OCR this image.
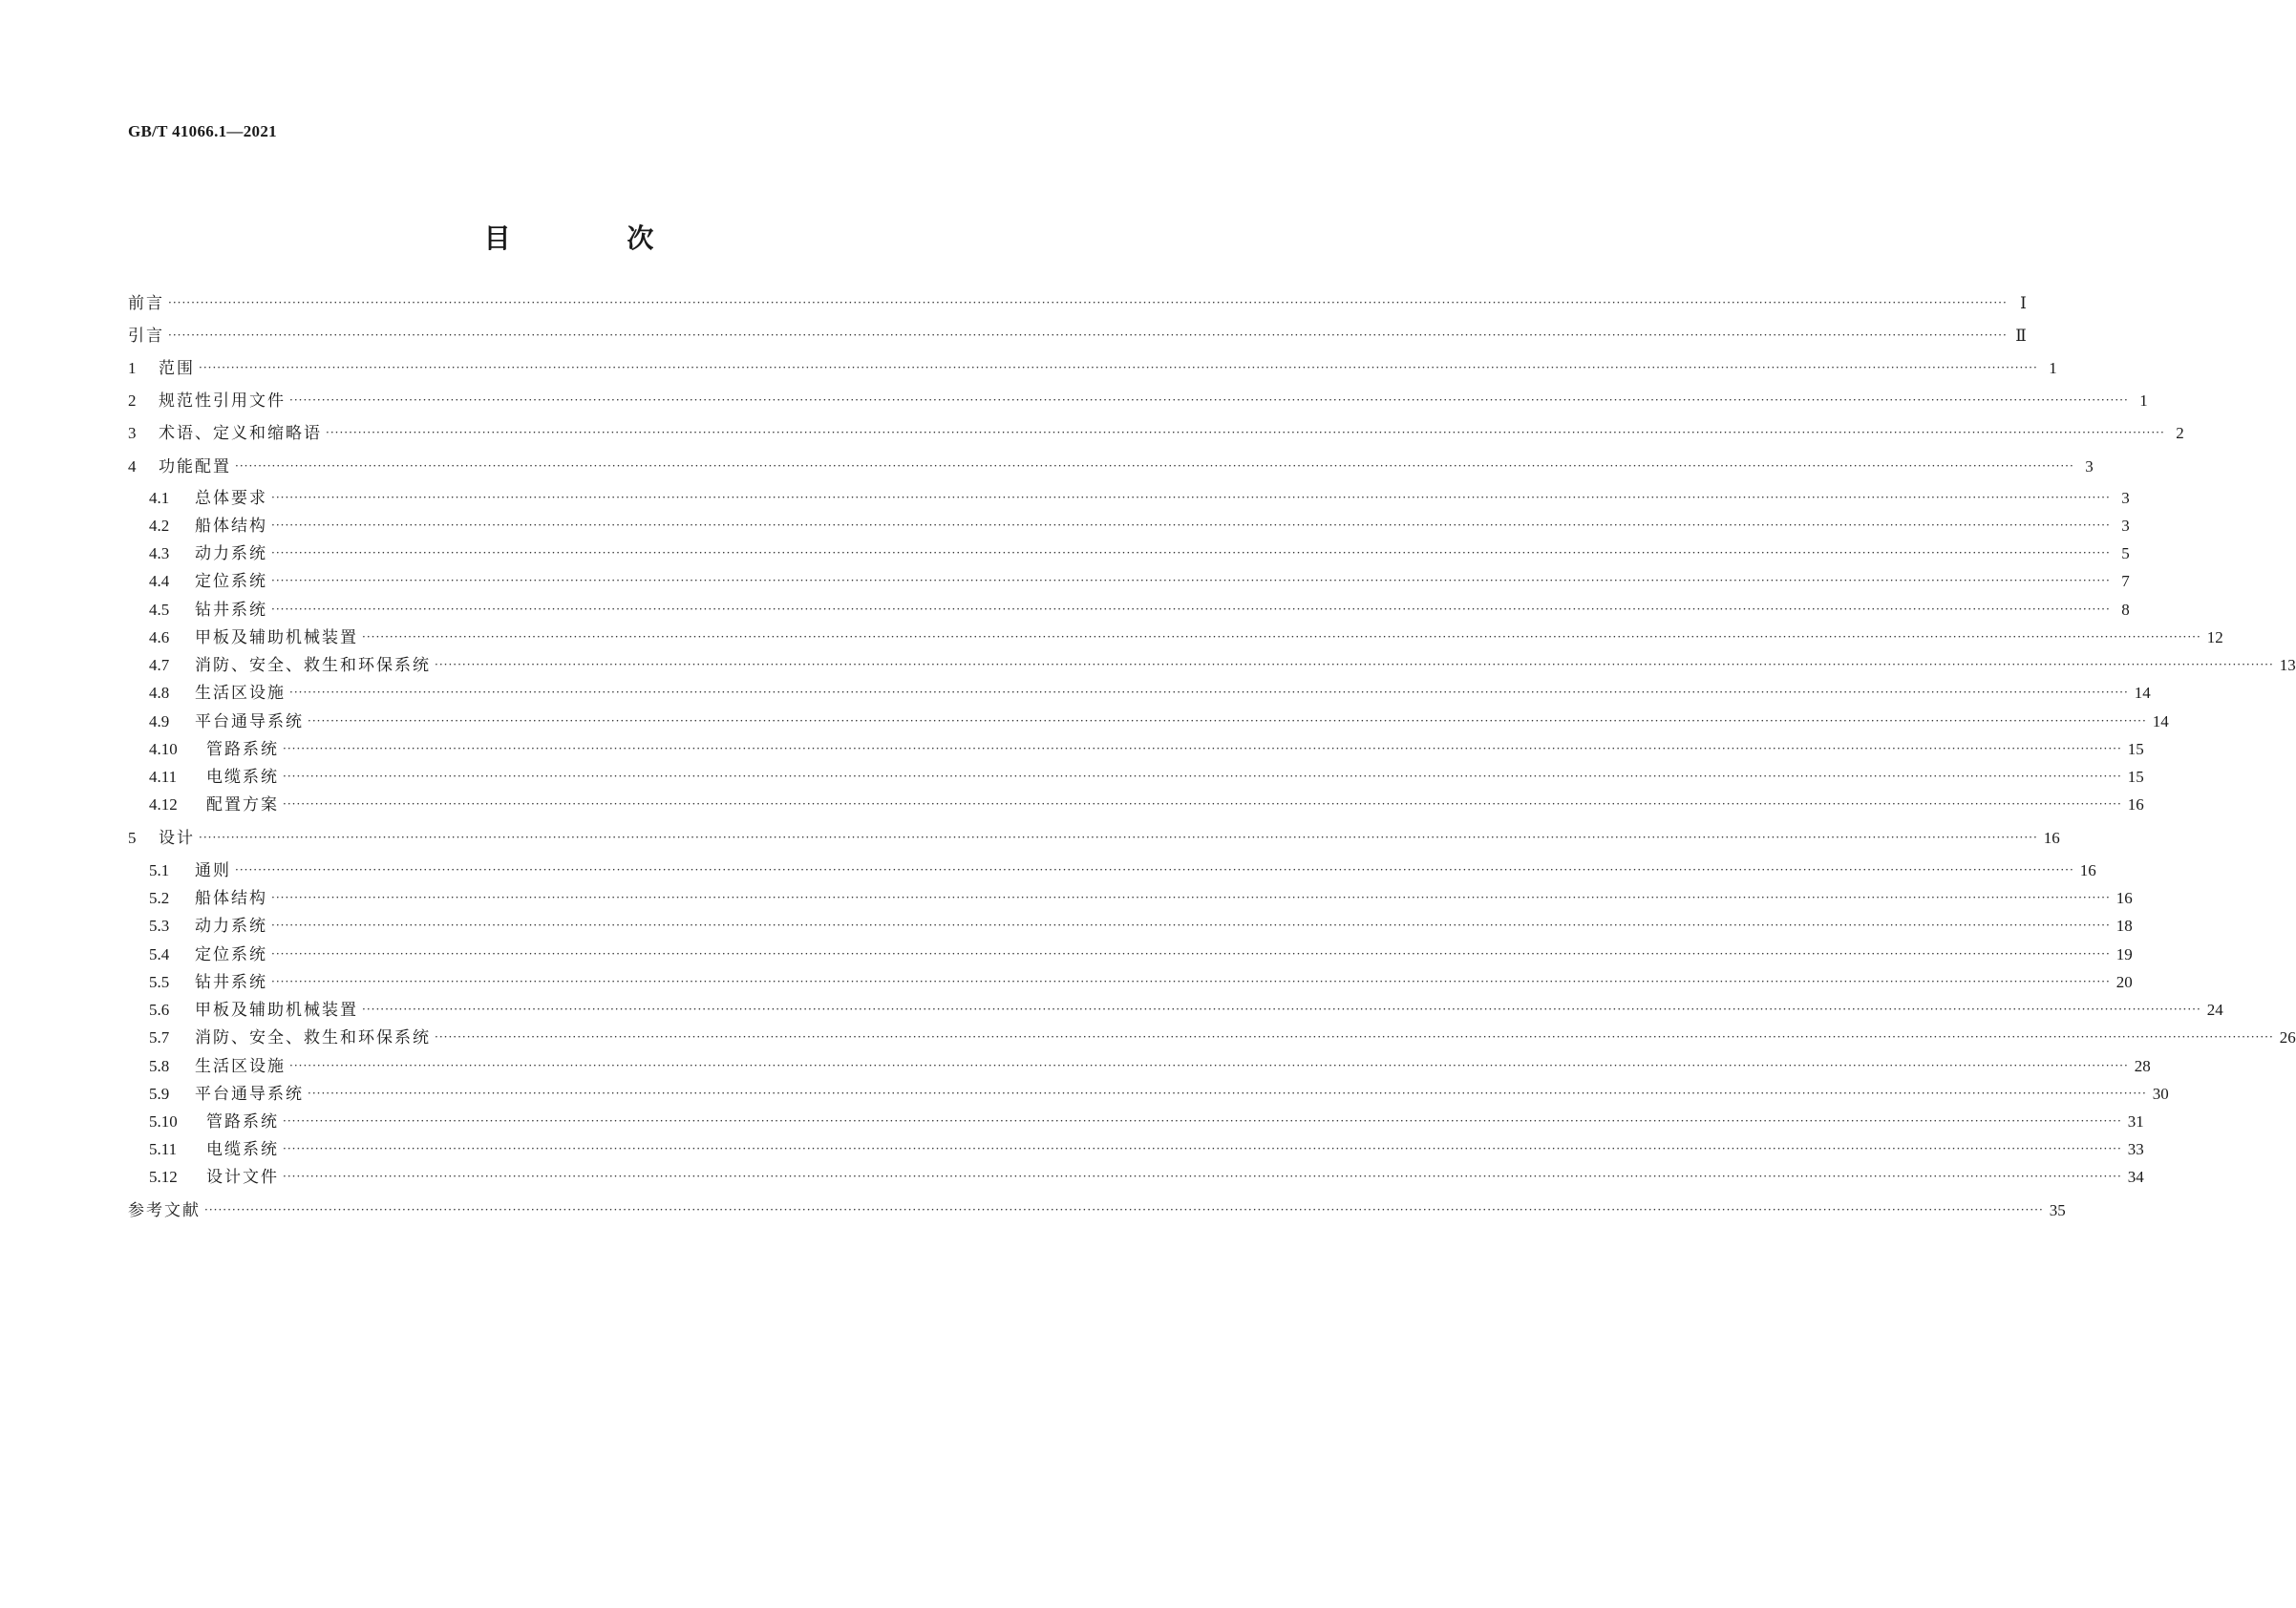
GB/T 41066.1—2021
目 次
前言 ················································································································································································································································································································································································································ Ⅰ
引言 ················································································································································································································································································································································································································ Ⅱ
1	范围 ················································································································································································································································································································································································································ 1
2	规范性引用文件 ················································································································································································································································································································································································································ 1
3	术语、定义和缩略语 ················································································································································································································································································································································································································ 2
4	功能配置 ················································································································································································································································································································································································································ 3
4.1	总体要求 ················································································································································································································································································································································································································ 3
4.2	船体结构 ················································································································································································································································································································································································································ 3
4.3	动力系统 ················································································································································································································································································································································································································ 5
4.4	定位系统 ················································································································································································································································································································································································································ 7
4.5	钻井系统 ················································································································································································································································································································································································································ 8
4.6	甲板及辅助机械装置 ················································································································································································································································································································································································································ 12
4.7	消防、安全、救生和环保系统 ················································································································································································································································································································································································································ 13
4.8	生活区设施 ················································································································································································································································································································································································································ 14
4.9	平台通导系统 ················································································································································································································································································································································································································ 14
4.10	管路系统 ················································································································································································································································································································································································································ 15
4.11	电缆系统 ················································································································································································································································································································································································································ 15
4.12	配置方案 ················································································································································································································································································································································································································ 16
5	设计 ················································································································································································································································································································································································································ 16
5.1	通则 ················································································································································································································································································································································································································ 16
5.2	船体结构 ················································································································································································································································································································································································································ 16
5.3	动力系统 ················································································································································································································································································································································································································ 18
5.4	定位系统 ················································································································································································································································································································································································································ 19
5.5	钻井系统 ················································································································································································································································································································································································································ 20
5.6	甲板及辅助机械装置 ················································································································································································································································································································································································································ 24
5.7	消防、安全、救生和环保系统 ················································································································································································································································································································································································································ 26
5.8	生活区设施 ················································································································································································································································································································································································································ 28
5.9	平台通导系统 ················································································································································································································································································································································································································ 30
5.10	管路系统 ················································································································································································································································································································································································································ 31
5.11	电缆系统 ················································································································································································································································································································································································································ 33
5.12	设计文件 ················································································································································································································································································································································································································ 34
参考文献 ················································································································································································································································································································································································································ 35
